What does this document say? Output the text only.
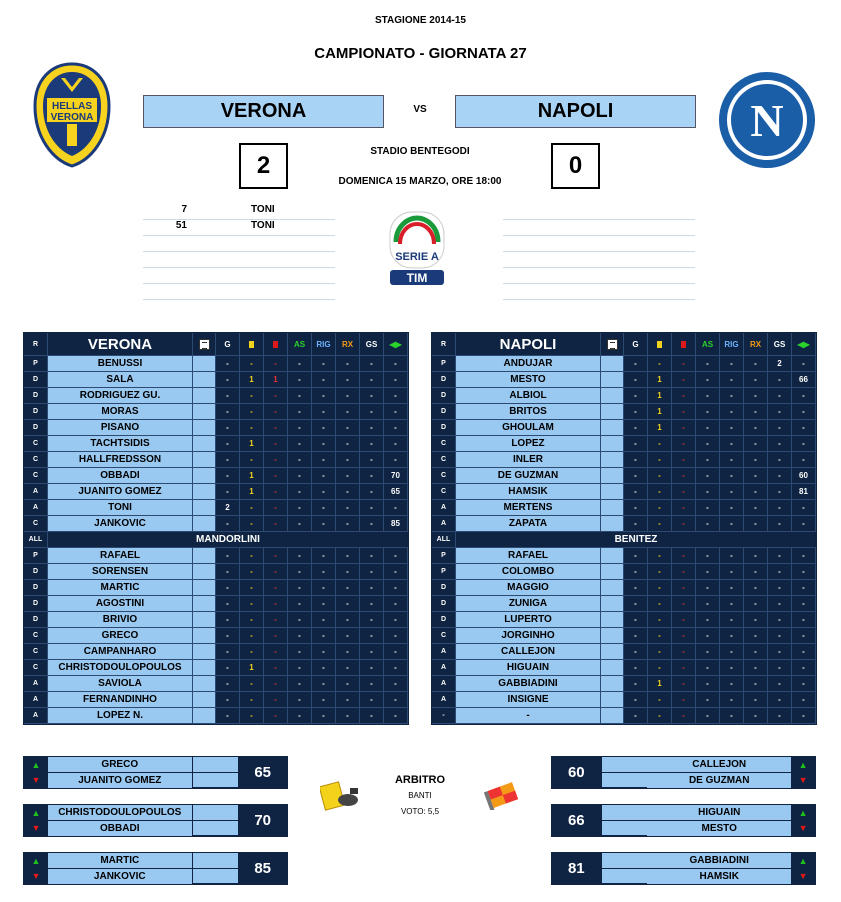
STAGIONE 2014-15
CAMPIONATO - GIORNATA 27
HELLAS
VERONA	N
VERONA	VS	NAPOLI
2	0
STADIO BENTEGODI
DOMENICA 15 MARZO, ORE 18:00
7	TONI
51	TONI
SERIE A
TIM
R	VERONA	G	AS	RIG	RX	GS	◀▶
P	BENUSSI	-	-	-	-	-	-	-	-
D	SALA	-	1	1	-	-	-	-	-
D	RODRIGUEZ GU.	-	-	-	-	-	-	-	-
D	MORAS	-	-	-	-	-	-	-	-
D	PISANO	-	-	-	-	-	-	-	-
C	TACHTSIDIS	-	1	-	-	-	-	-	-
C	HALLFREDSSON	-	-	-	-	-	-	-	-
C	OBBADI	-	1	-	-	-	-	-	70
A	JUANITO GOMEZ	-	1	-	-	-	-	-	65
A	TONI	2	-	-	-	-	-	-	-
C	JANKOVIC	-	-	-	-	-	-	-	85
ALL	MANDORLINI
P	RAFAEL	-	-	-	-	-	-	-	-
D	SORENSEN	-	-	-	-	-	-	-	-
D	MARTIC	-	-	-	-	-	-	-	-
D	AGOSTINI	-	-	-	-	-	-	-	-
D	BRIVIO	-	-	-	-	-	-	-	-
C	GRECO	-	-	-	-	-	-	-	-
C	CAMPANHARO	-	-	-	-	-	-	-	-
C	CHRISTODOULOPOULOS	-	1	-	-	-	-	-	-
A	SAVIOLA	-	-	-	-	-	-	-	-
A	FERNANDINHO	-	-	-	-	-	-	-	-
A	LOPEZ N.	-	-	-	-	-	-	-	-
R	NAPOLI	G	AS	RIG	RX	GS	◀▶
P	ANDUJAR	-	-	-	-	-	-	2	-
D	MESTO	-	1	-	-	-	-	-	66
D	ALBIOL	-	1	-	-	-	-	-	-
D	BRITOS	-	1	-	-	-	-	-	-
D	GHOULAM	-	1	-	-	-	-	-	-
C	LOPEZ	-	-	-	-	-	-	-	-
C	INLER	-	-	-	-	-	-	-	-
C	DE GUZMAN	-	-	-	-	-	-	-	60
C	HAMSIK	-	-	-	-	-	-	-	81
A	MERTENS	-	-	-	-	-	-	-	-
A	ZAPATA	-	-	-	-	-	-	-	-
ALL	BENITEZ
P	RAFAEL	-	-	-	-	-	-	-	-
P	COLOMBO	-	-	-	-	-	-	-	-
D	MAGGIO	-	-	-	-	-	-	-	-
D	ZUNIGA	-	-	-	-	-	-	-	-
D	LUPERTO	-	-	-	-	-	-	-	-
C	JORGINHO	-	-	-	-	-	-	-	-
A	CALLEJON	-	-	-	-	-	-	-	-
A	HIGUAIN	-	-	-	-	-	-	-	-
A	GABBIADINI	-	1	-	-	-	-	-	-
A	INSIGNE	-	-	-	-	-	-	-	-
-	-	-	-	-	-	-	-	-	-
▲
▼
GRECO
JUANITO GOMEZ	65
▲
▼
CHRISTODOULOPOULOS
OBBADI	70
▲
▼
MARTIC
JANKOVIC	85
60	CALLEJON
DE GUZMAN
▲
▼
66	HIGUAIN
MESTO
▲
▼
81	GABBIADINI
HAMSIK
▲
▼
ARBITRO
BANTI
VOTO: 5,5
